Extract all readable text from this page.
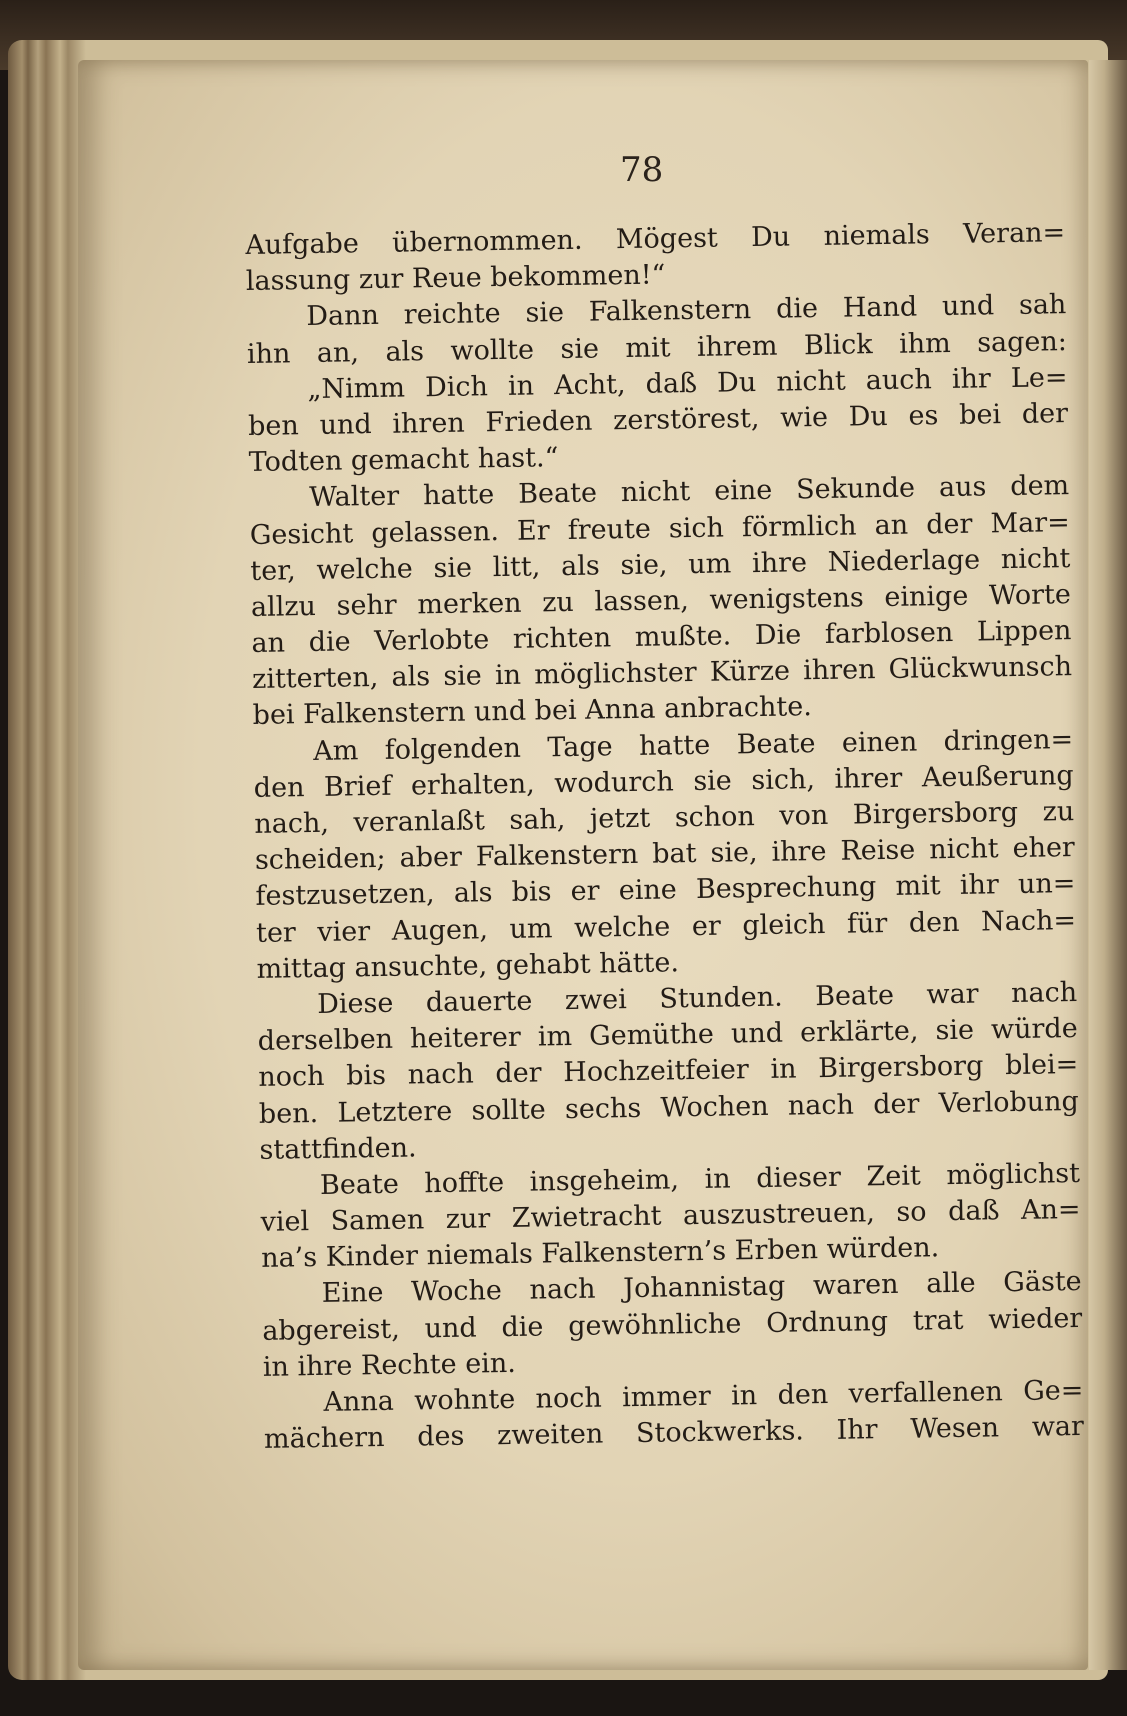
78
Aufgabe übernommen. Mögest Du niemals Veran=
lassung zur Reue bekommen!“
Dann reichte sie Falkenstern die Hand und sah
ihn an, als wollte sie mit ihrem Blick ihm sagen:
„Nimm Dich in Acht, daß Du nicht auch ihr Le=
ben und ihren Frieden zerstörest, wie Du es bei der
Todten gemacht hast.“
Walter hatte Beate nicht eine Sekunde aus dem
Gesicht gelassen. Er freute sich förmlich an der Mar=
ter, welche sie litt, als sie, um ihre Niederlage nicht
allzu sehr merken zu lassen, wenigstens einige Worte
an die Verlobte richten mußte. Die farblosen Lippen
zitterten, als sie in möglichster Kürze ihren Glückwunsch
bei Falkenstern und bei Anna anbrachte.
Am folgenden Tage hatte Beate einen dringen=
den Brief erhalten, wodurch sie sich, ihrer Aeußerung
nach, veranlaßt sah, jetzt schon von Birgersborg zu
scheiden; aber Falkenstern bat sie, ihre Reise nicht eher
festzusetzen, als bis er eine Besprechung mit ihr un=
ter vier Augen, um welche er gleich für den Nach=
mittag ansuchte, gehabt hätte.
Diese dauerte zwei Stunden. Beate war nach
derselben heiterer im Gemüthe und erklärte, sie würde
noch bis nach der Hochzeitfeier in Birgersborg blei=
ben. Letztere sollte sechs Wochen nach der Verlobung
stattfinden.
Beate hoffte insgeheim, in dieser Zeit möglichst
viel Samen zur Zwietracht auszustreuen, so daß An=
na’s Kinder niemals Falkenstern’s Erben würden.
Eine Woche nach Johannistag waren alle Gäste
abgereist, und die gewöhnliche Ordnung trat wieder
in ihre Rechte ein.
Anna wohnte noch immer in den verfallenen Ge=
mächern des zweiten Stockwerks. Ihr Wesen war
